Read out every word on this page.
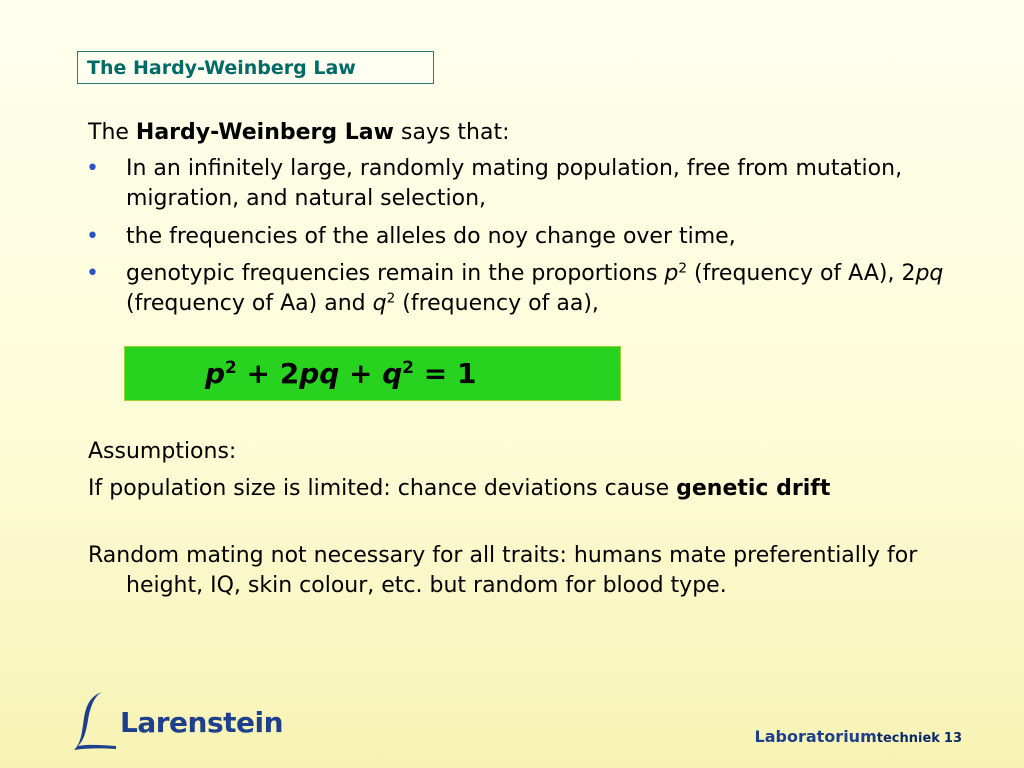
The Hardy-Weinberg Law
The Hardy-Weinberg Law says that:
•	In an infinitely large, randomly mating population, free from mutation, migration, and natural selection,
•	the frequencies of the alleles do noy change over time,
•	genotypic frequencies remain in the proportions $p^2$ (frequency of AA), 2pq (frequency of Aa) and $q^2$ (frequency of aa),
$p^2 + 2pq + q^2 = 1$
Assumptions:
If population size is limited: chance deviations cause genetic drift
Random mating not necessary for all traits: humans mate preferentially for height, IQ, skin colour, etc. but random for blood type.
Larenstein	Laboratoriumtechniek 13
